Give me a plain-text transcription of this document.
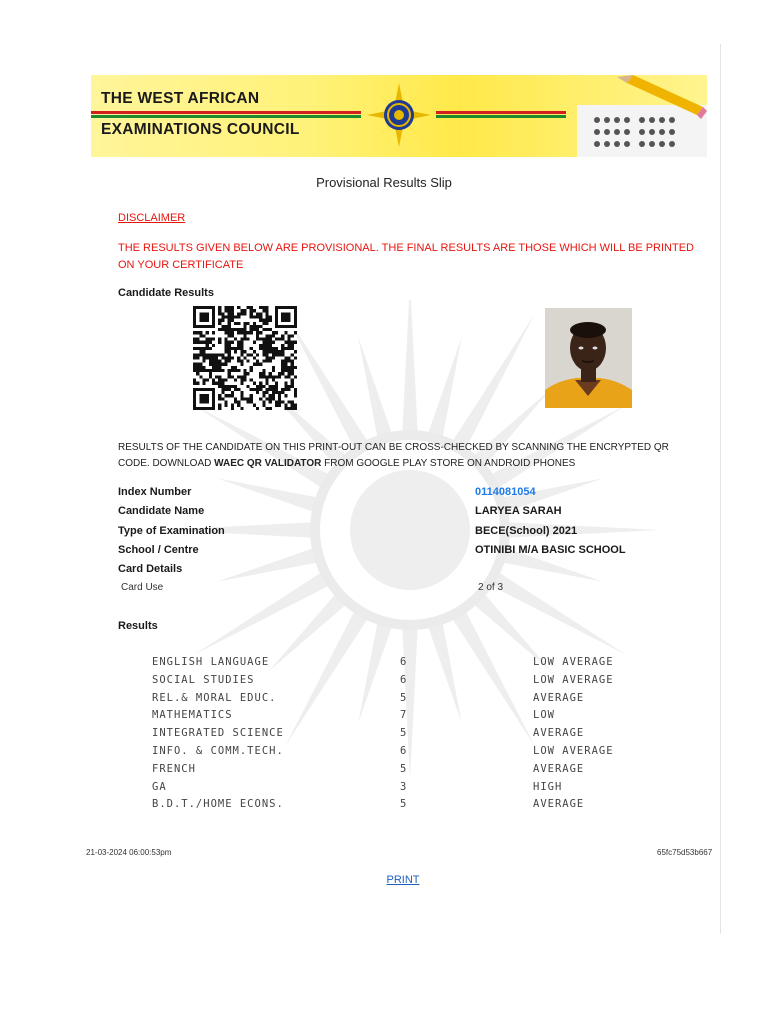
THE WEST AFRICAN
EXAMINATIONS COUNCIL
Provisional Results Slip
DISCLAIMER
THE RESULTS GIVEN BELOW ARE PROVISIONAL. THE FINAL RESULTS ARE THOSE WHICH WILL BE PRINTED ON YOUR CERTIFICATE
Candidate Results
RESULTS OF THE CANDIDATE ON THIS PRINT-OUT CAN BE CROSS-CHECKED BY SCANNING THE ENCRYPTED QR CODE. DOWNLOAD WAEC QR VALIDATOR FROM GOOGLE PLAY STORE ON ANDROID PHONES
Index Number	0114081054
Candidate Name	LARYEA SARAH
Type of Examination	BECE(School) 2021
School / Centre	OTINIBI M/A BASIC SCHOOL
Card Details
Card Use	2 of 3
Results
ENGLISH LANGUAGE	6	LOW AVERAGE
SOCIAL STUDIES	6	LOW AVERAGE
REL.& MORAL EDUC.	5	AVERAGE
MATHEMATICS	7	LOW
INTEGRATED SCIENCE	5	AVERAGE
INFO. & COMM.TECH.	6	LOW AVERAGE
FRENCH	5	AVERAGE
GA	3	HIGH
B.D.T./HOME ECONS.	5	AVERAGE
21-03-2024 06:00:53pm	65fc75d53b667
PRINT
